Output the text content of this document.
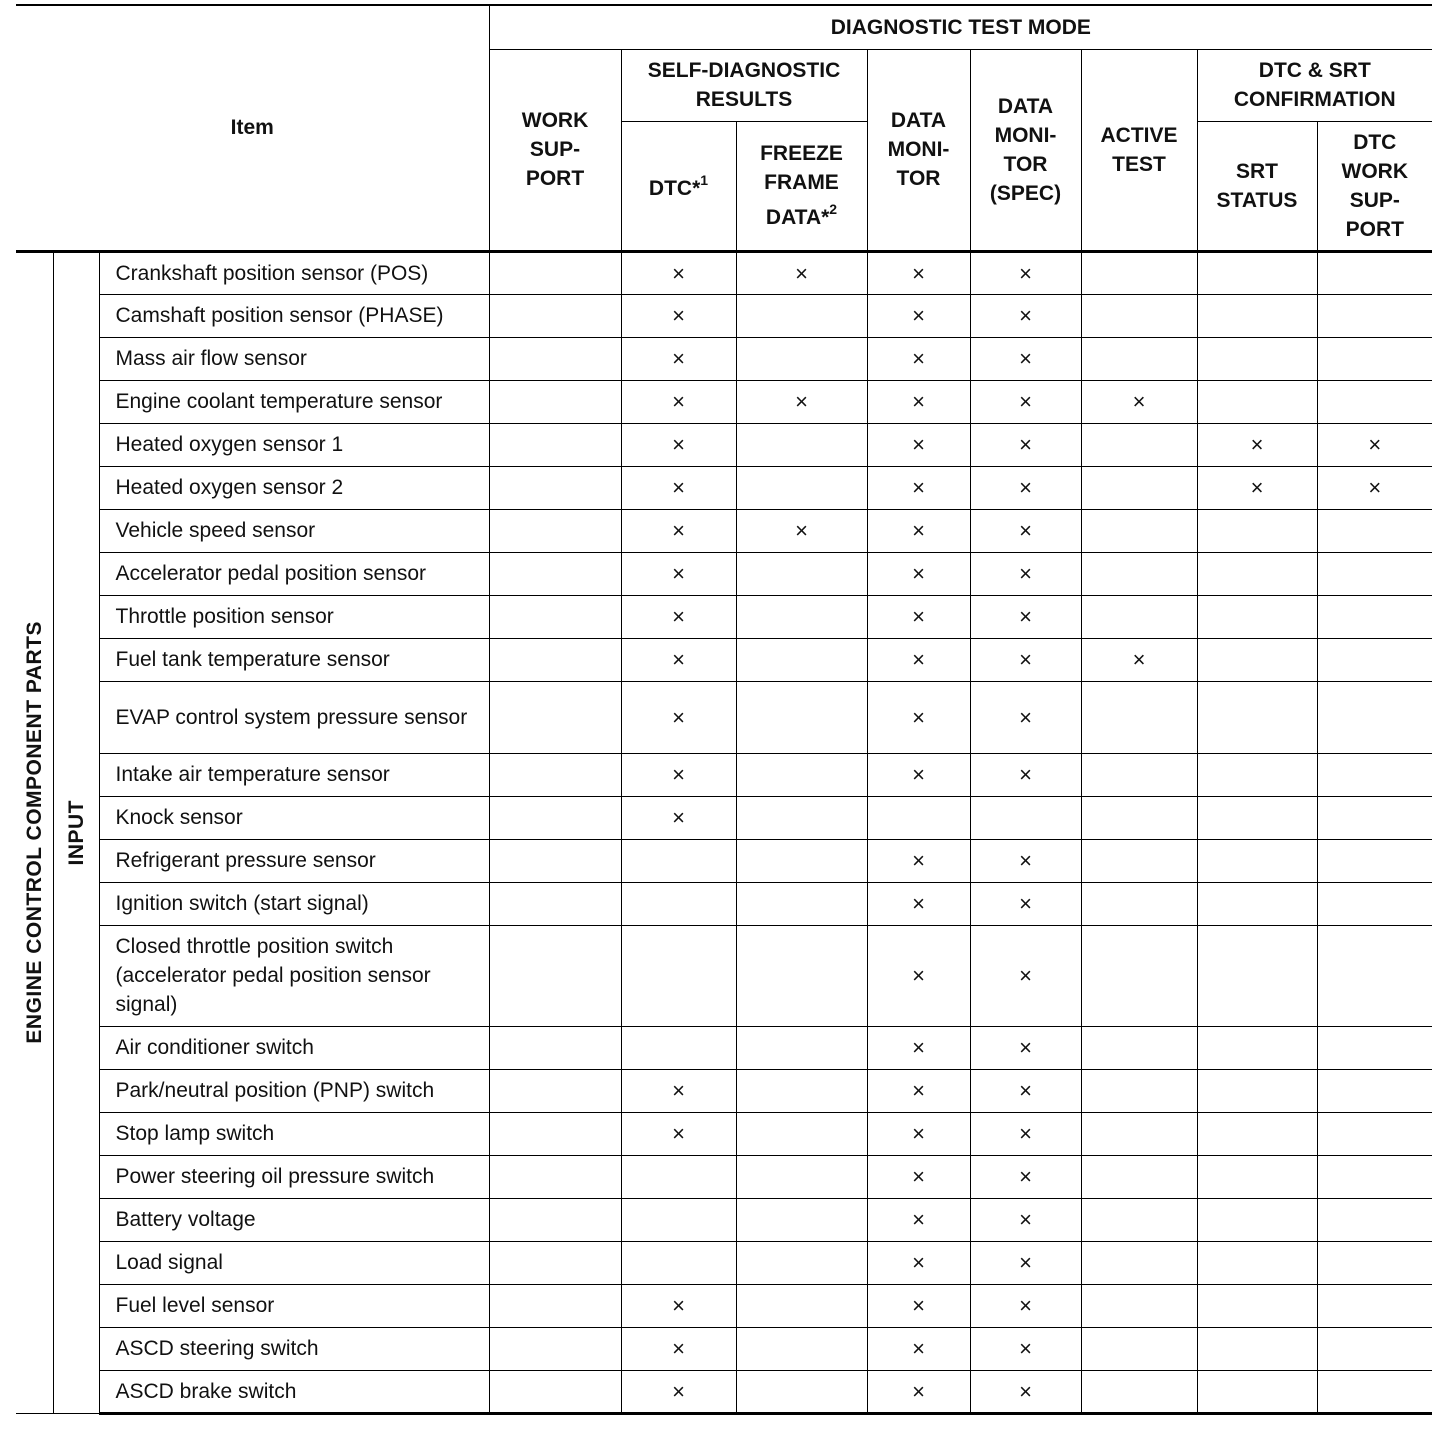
Item			DIAGNOSTIC TEST MODE							

			WORK SUP- PORT	SELF-DIAGNOSTIC RESULTS		DATA MONI- TOR	DATA MONI- TOR (SPEC)	ACTIVE TEST	DTC & SRT CONFIRMATION	

				DTC*$^1$	FREEZE FRAME DATA*$^2$				SRT STATUS	DTC WORK SUP- PORT

ENGINE CONTROL COMPONENT PARTS	INPUT	Crankshaft position sensor (POS)		×	×	×	×			
		Camshaft position sensor (PHASE)		×		×	×			
		Mass air flow sensor		×		×	×			
		Engine coolant temperature sensor		×	×	×	×	×		
		Heated oxygen sensor 1		×		×	×		×	×
		Heated oxygen sensor 2		×		×	×		×	×
		Vehicle speed sensor		×	×	×	×			
		Accelerator pedal position sensor		×		×	×			
		Throttle position sensor		×		×	×			
		Fuel tank temperature sensor		×		×	×	×		
		EVAP control system pressure sensor		×		×	×			
		Intake air temperature sensor		×		×	×			
		Knock sensor		×						
		Refrigerant pressure sensor				×	×			
		Ignition switch (start signal)				×	×			
		Closed throttle position switch (accelerator pedal position sensor signal)				×	×			
		Air conditioner switch				×	×			
		Park/neutral position (PNP) switch		×		×	×			
		Stop lamp switch		×		×	×			
		Power steering oil pressure switch				×	×			
		Battery voltage				×	×			
		Load signal				×	×			
		Fuel level sensor		×		×	×			
		ASCD steering switch		×		×	×			
		ASCD brake switch		×		×	×			
